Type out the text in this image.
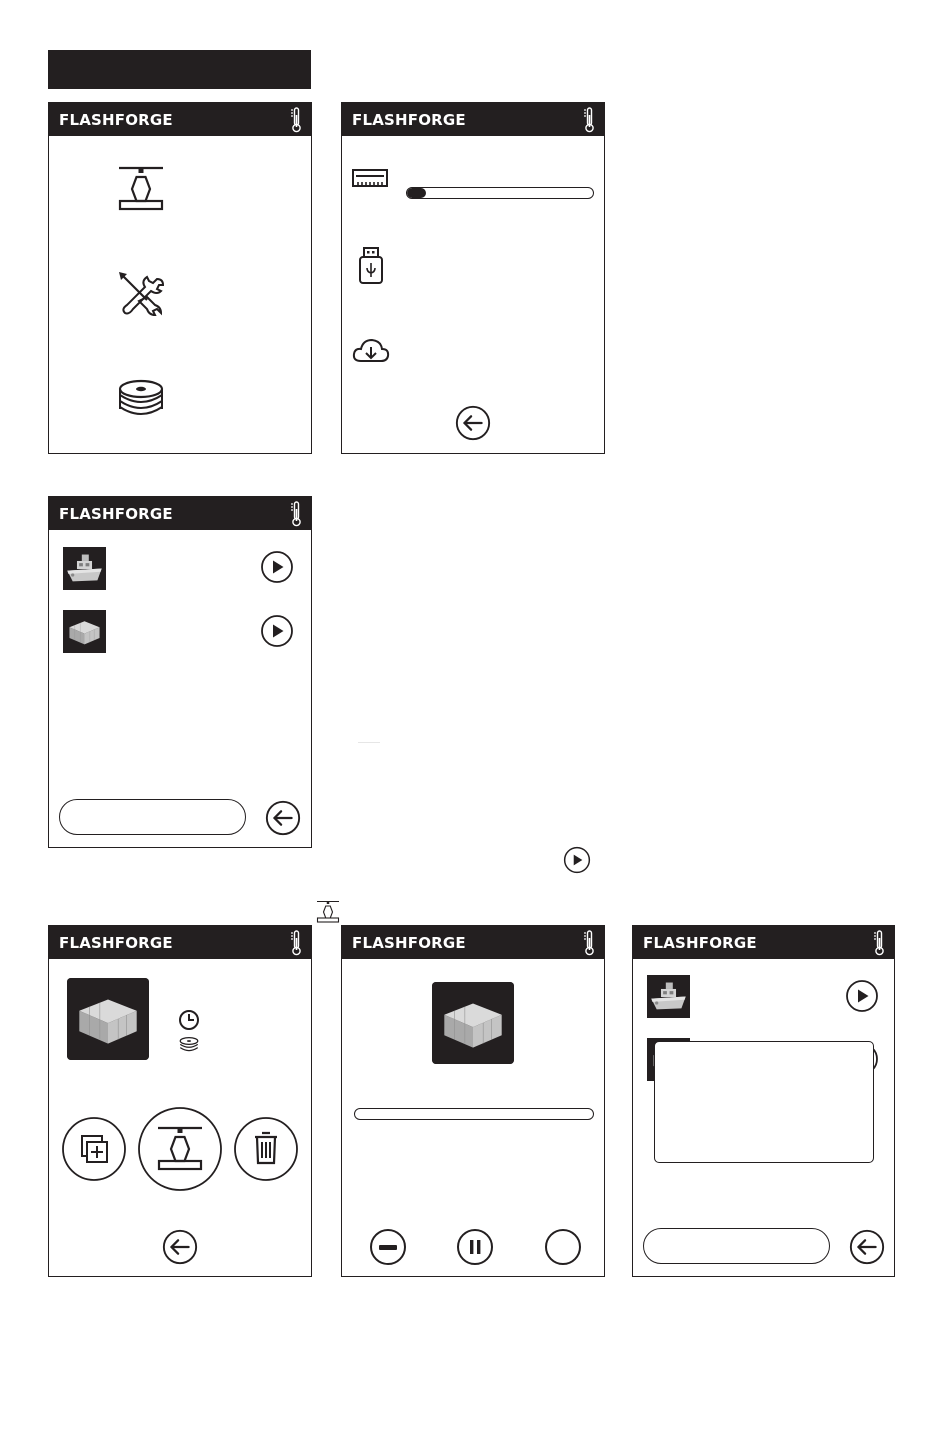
FLASHFORGE	FLASHFORGE
FLASHFORGE
FLASHFORGE	FLASHFORGE	FLASHFORGE
